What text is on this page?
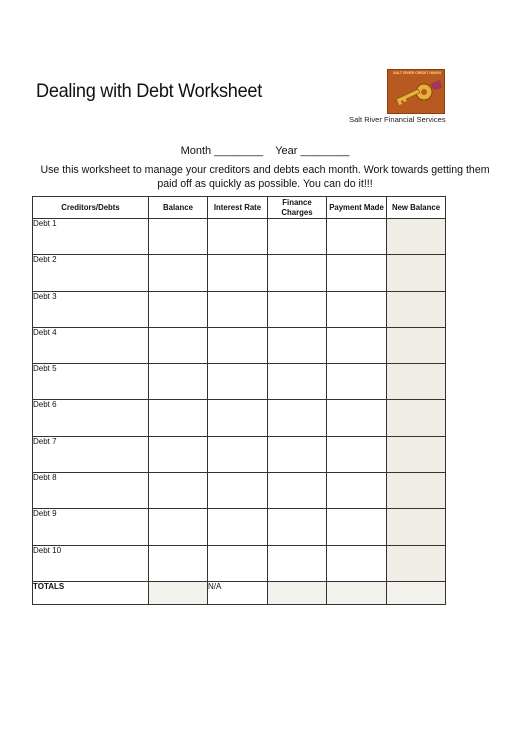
Dealing with Debt Worksheet
SALT RIVER CREDIT UNION
Salt River Financial Services
Month ________ Year ________
Use this worksheet to manage your creditors and debts each month. Work towards getting them paid off as quickly as possible. You can do it!!!
Creditors/Debts	Balance	Interest Rate	Finance Charges	Payment Made	New Balance
Debt 1					
Debt 2					
Debt 3					
Debt 4					
Debt 5					
Debt 6					
Debt 7					
Debt 8					
Debt 9					
Debt 10					
TOTALS		N/A			
